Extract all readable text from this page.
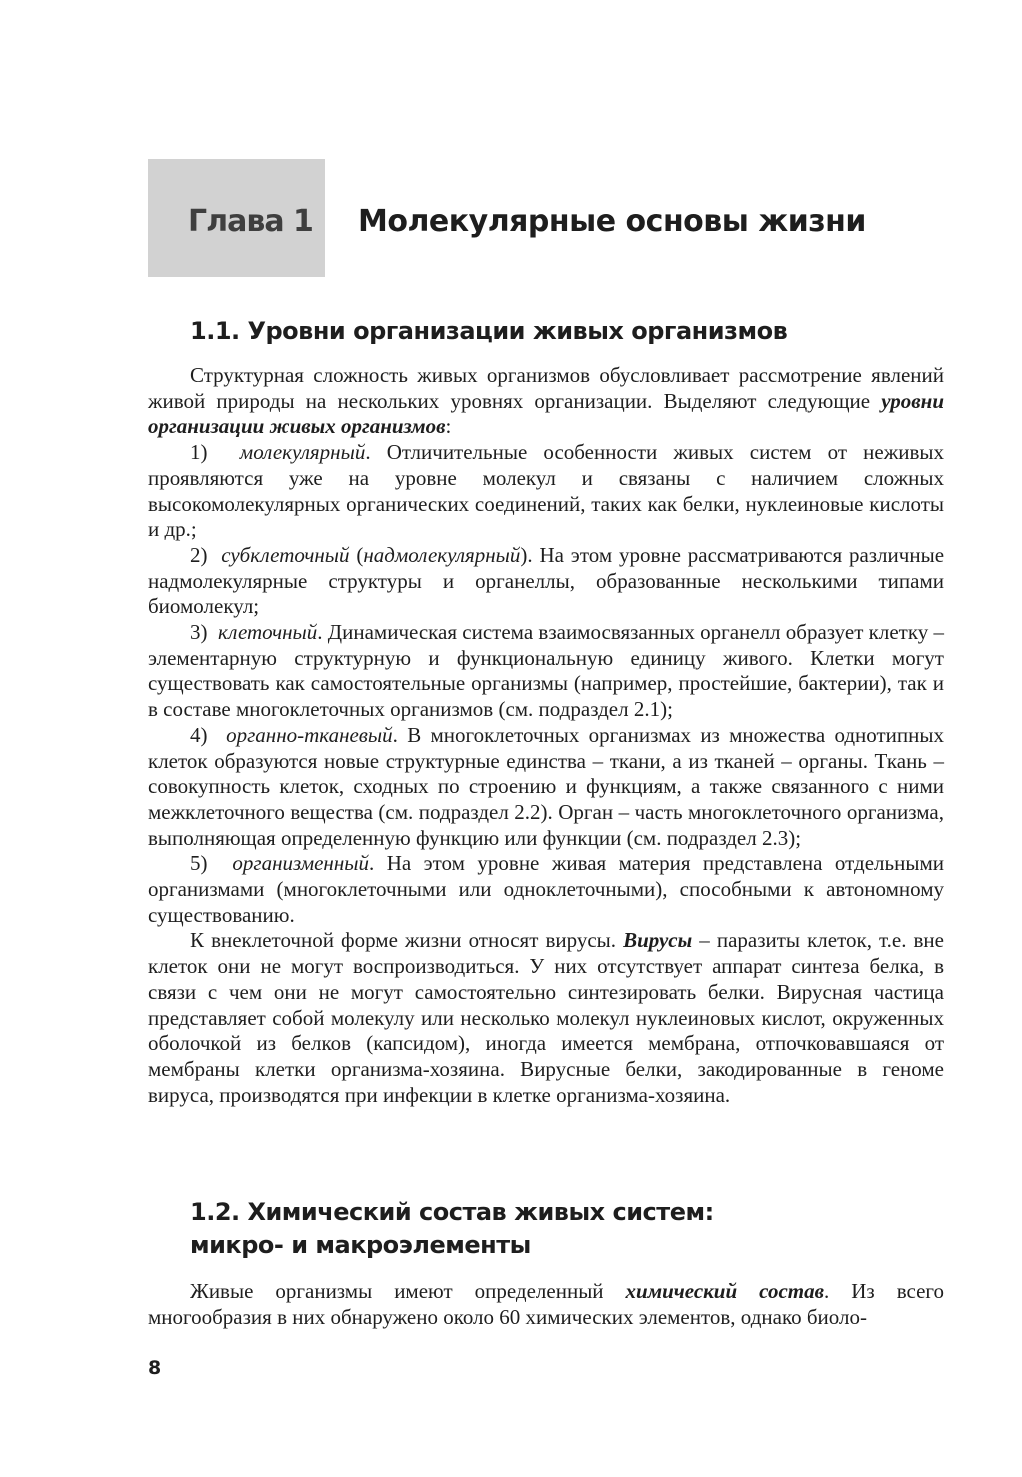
Глава 1 Молекулярные основы жизни
1.1. Уровни организации живых организмов

Структурная сложность живых организмов обусловливает рассмотрение явлений живой природы на нескольких уровнях организации. Выделяют следующие уровни организации живых организмов:

1) молекулярный. Отличительные особенности живых систем от неживых проявляются уже на уровне молекул и связаны с наличием сложных высокомолекулярных органических соединений, таких как белки, нуклеиновые кислоты и др.;

2) субклеточный (надмолекулярный). На этом уровне рассматриваются различные надмолекулярные структуры и органеллы, образованные несколькими типами биомолекул;

3) клеточный. Динамическая система взаимосвязанных органелл образует клетку – элементарную структурную и функциональную единицу живого. Клетки могут существовать как самостоятельные организмы (например, простейшие, бактерии), так и в составе многоклеточных организмов (см. подраздел 2.1);

4) органно-тканевый. В многоклеточных организмах из множества однотипных клеток образуются новые структурные единства – ткани, а из тканей – органы. Ткань – совокупность клеток, сходных по строению и функциям, а также связанного с ними межклеточного вещества (см. подраздел 2.2). Орган – часть многоклеточного организма, выполняющая определенную функцию или функции (см. подраздел 2.3);

5) организменный. На этом уровне живая материя представлена отдельными организмами (многоклеточными или одноклеточными), способными к автономному существованию.

К внеклеточной форме жизни относят вирусы. Вирусы – паразиты клеток, т.е. вне клеток они не могут воспроизводиться. У них отсутствует аппарат синтеза белка, в связи с чем они не могут самостоятельно синтезировать белки. Вирусная частица представляет собой молекулу или несколько молекул нуклеиновых кислот, окруженных оболочкой из белков (капсидом), иногда имеется мембрана, отпочковавшаяся от мембраны клетки организма-хозяина. Вирусные белки, закодированные в геноме вируса, производятся при инфекции в клетке организма-хозяина.

1.2. Химический состав живых систем:
микро- и макроэлементы

Живые организмы имеют определенный химический состав. Из всего многообразия в них обнаружено около 60 химических элементов, однако биоло-

8
